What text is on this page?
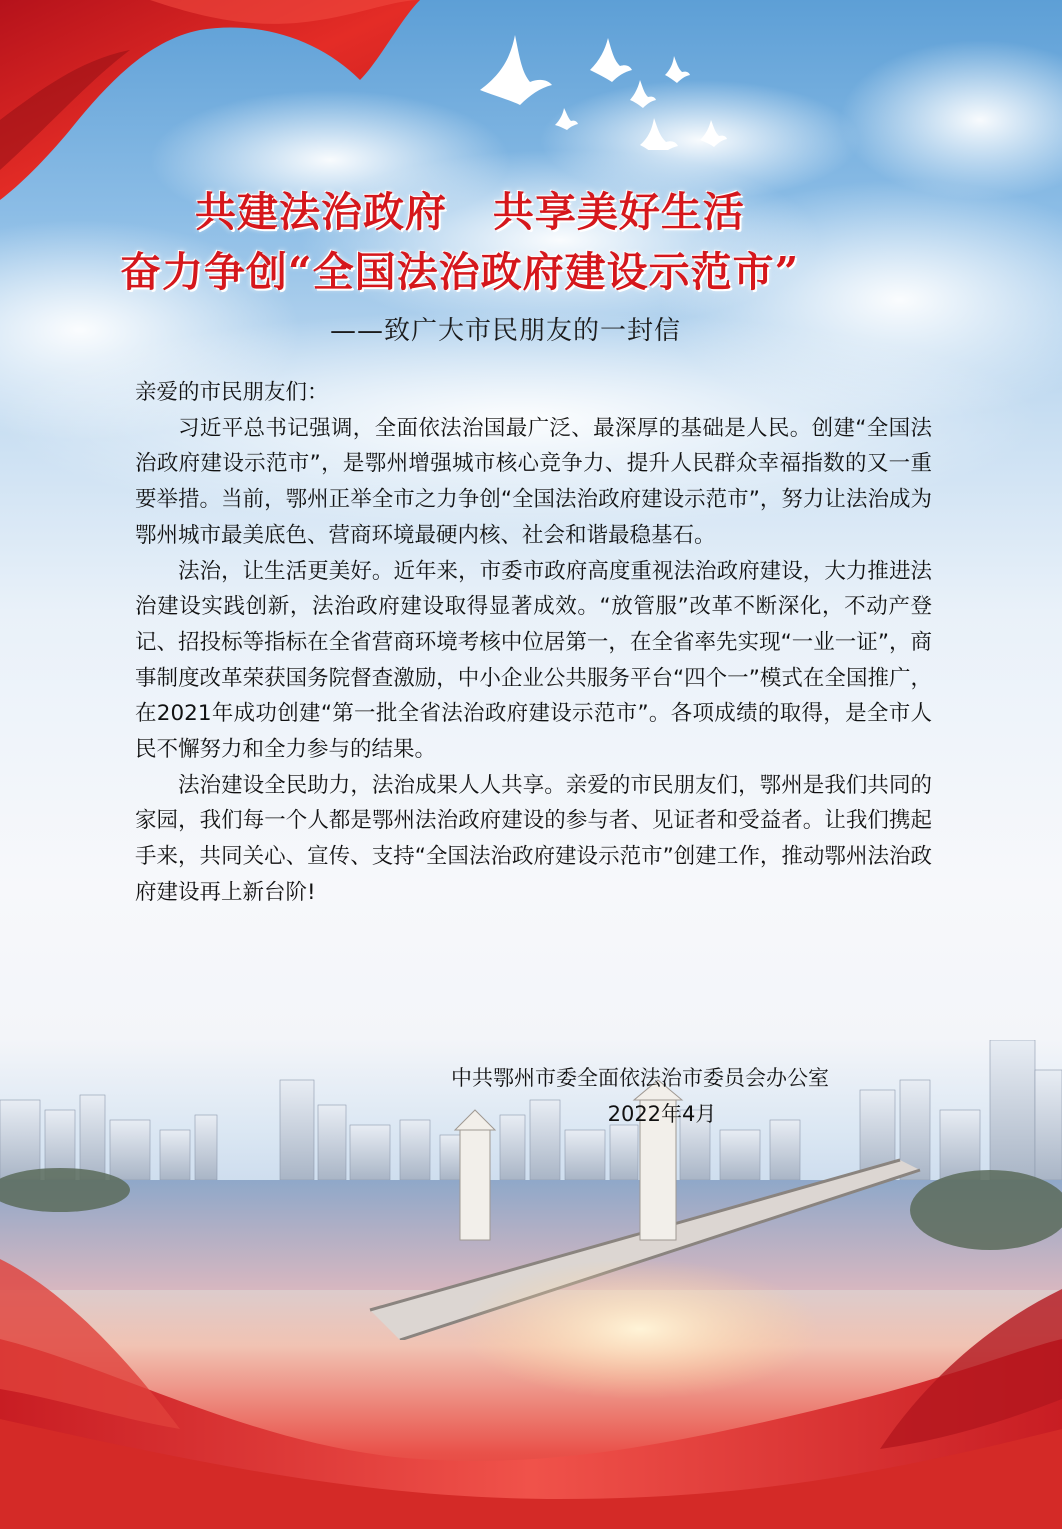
共建法治政府   共享美好生活
奋力争创“全国法治政府建设示范市”
——致广大市民朋友的一封信

亲爱的市民朋友们：

习近平总书记强调，全面依法治国最广泛、最深厚的基础是人民。创建“全国法治政府建设示范市”，是鄂州增强城市核心竞争力、提升人民群众幸福指数的又一重要举措。当前，鄂州正举全市之力争创“全国法治政府建设示范市”，努力让法治成为鄂州城市最美底色、营商环境最硬内核、社会和谐最稳基石。

法治，让生活更美好。近年来，市委市政府高度重视法治政府建设，大力推进法治建设实践创新，法治政府建设取得显著成效。“放管服”改革不断深化，不动产登记、招投标等指标在全省营商环境考核中位居第一，在全省率先实现“一业一证”，商事制度改革荣获国务院督查激励，中小企业公共服务平台“四个一”模式在全国推广，在2021年成功创建“第一批全省法治政府建设示范市”。各项成绩的取得，是全市人民不懈努力和全力参与的结果。

法治建设全民助力，法治成果人人共享。亲爱的市民朋友们，鄂州是我们共同的家园，我们每一个人都是鄂州法治政府建设的参与者、见证者和受益者。让我们携起手来，共同关心、宣传、支持“全国法治政府建设示范市”创建工作，推动鄂州法治政府建设再上新台阶!

中共鄂州市委全面依法治市委员会办公室
2022年4月
